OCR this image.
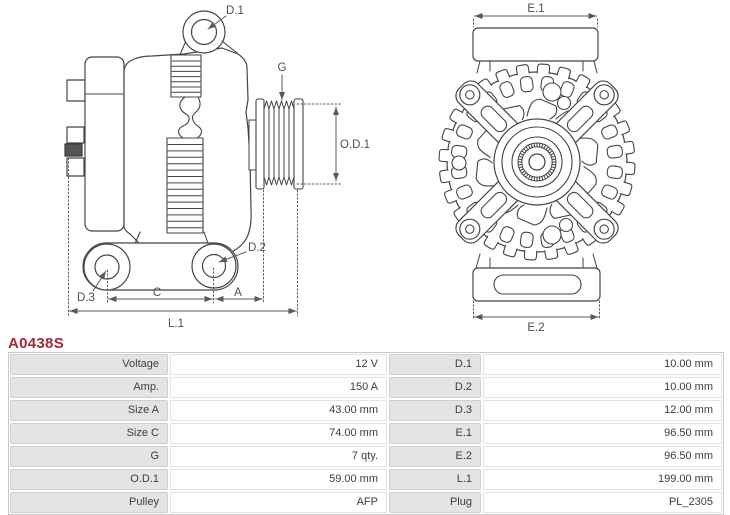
D.1
G
O.D.1
D.2
D.3	C	A
L.1
E.1
E.2
A0438S
Voltage	12 V	D.1	10.00 mm
Amp.	150 A	D.2	10.00 mm
Size A	43.00 mm	D.3	12.00 mm
Size C	74.00 mm	E.1	96.50 mm
G	7 qty.	E.2	96.50 mm
O.D.1	59.00 mm	L.1	199.00 mm
Pulley	AFP	Plug	PL_2305
